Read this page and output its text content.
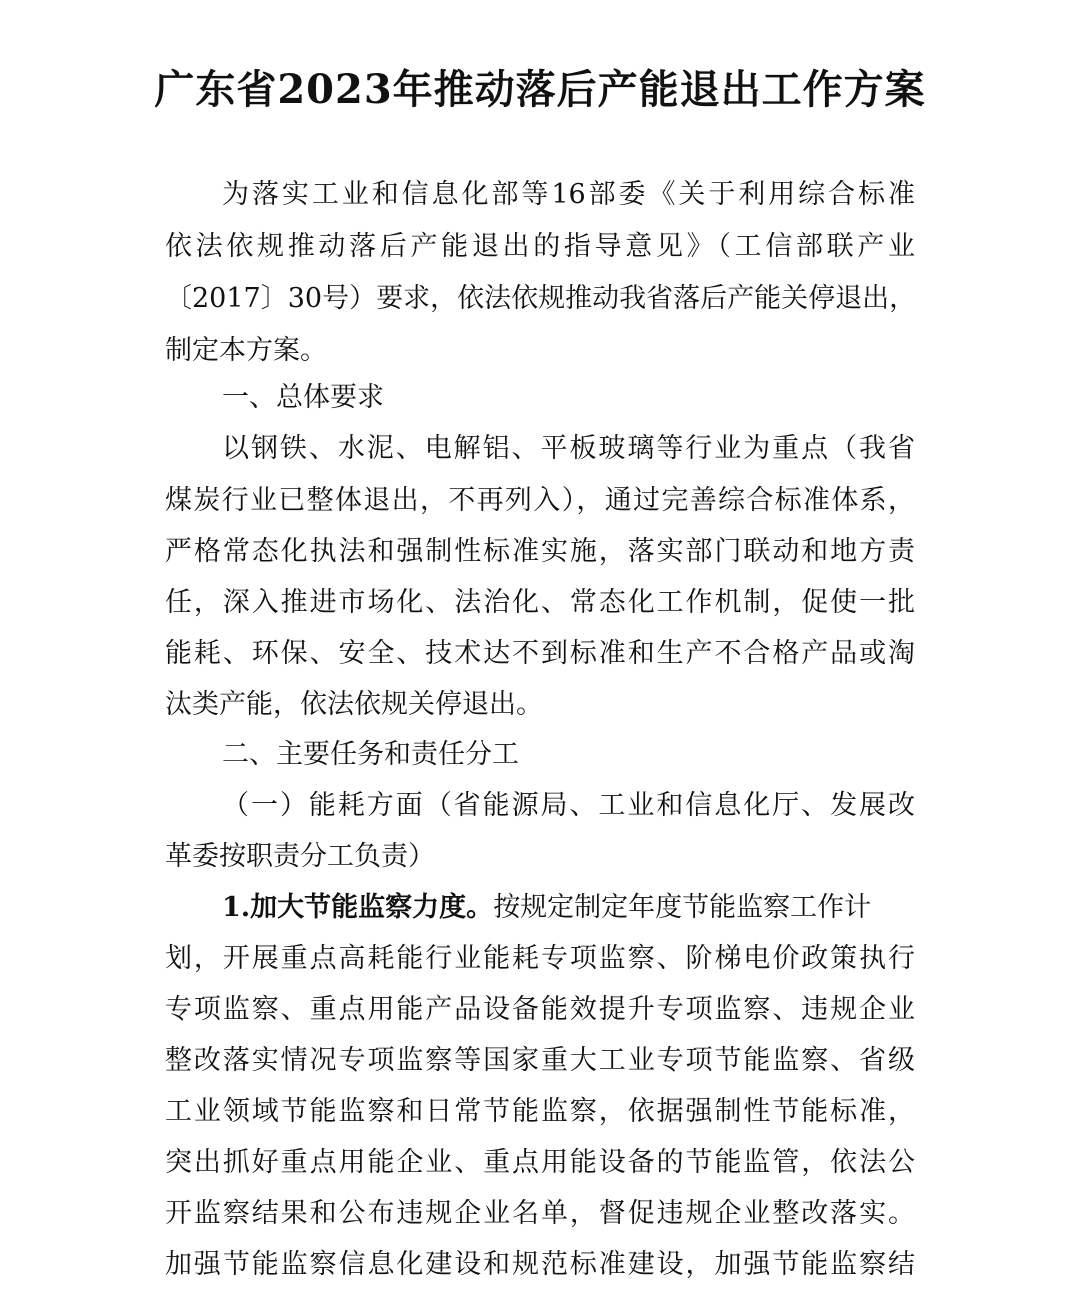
广东省2023年推动落后产能退出工作方案
为落实工业和信息化部等16部委《关于利用综合标准
依法依规推动落后产能退出的指导意见》（工信部联产业
〔2017〕30号）要求，依法依规推动我省落后产能关停退出，
制定本方案。
一、总体要求
以钢铁、水泥、电解铝、平板玻璃等行业为重点（我省
煤炭行业已整体退出，不再列入），通过完善综合标准体系，
严格常态化执法和强制性标准实施，落实部门联动和地方责
任，深入推进市场化、法治化、常态化工作机制，促使一批
能耗、环保、安全、技术达不到标准和生产不合格产品或淘
汰类产能，依法依规关停退出。
二、主要任务和责任分工
（一）能耗方面（省能源局、工业和信息化厅、发展改
革委按职责分工负责）
1.加大节能监察力度。按规定制定年度节能监察工作计
划，开展重点高耗能行业能耗专项监察、阶梯电价政策执行
专项监察、重点用能产品设备能效提升专项监察、违规企业
整改落实情况专项监察等国家重大工业专项节能监察、省级
工业领域节能监察和日常节能监察，依据强制性节能标准，
突出抓好重点用能企业、重点用能设备的节能监管，依法公
开监察结果和公布违规企业名单，督促违规企业整改落实。
加强节能监察信息化建设和规范标准建设，加强节能监察结
